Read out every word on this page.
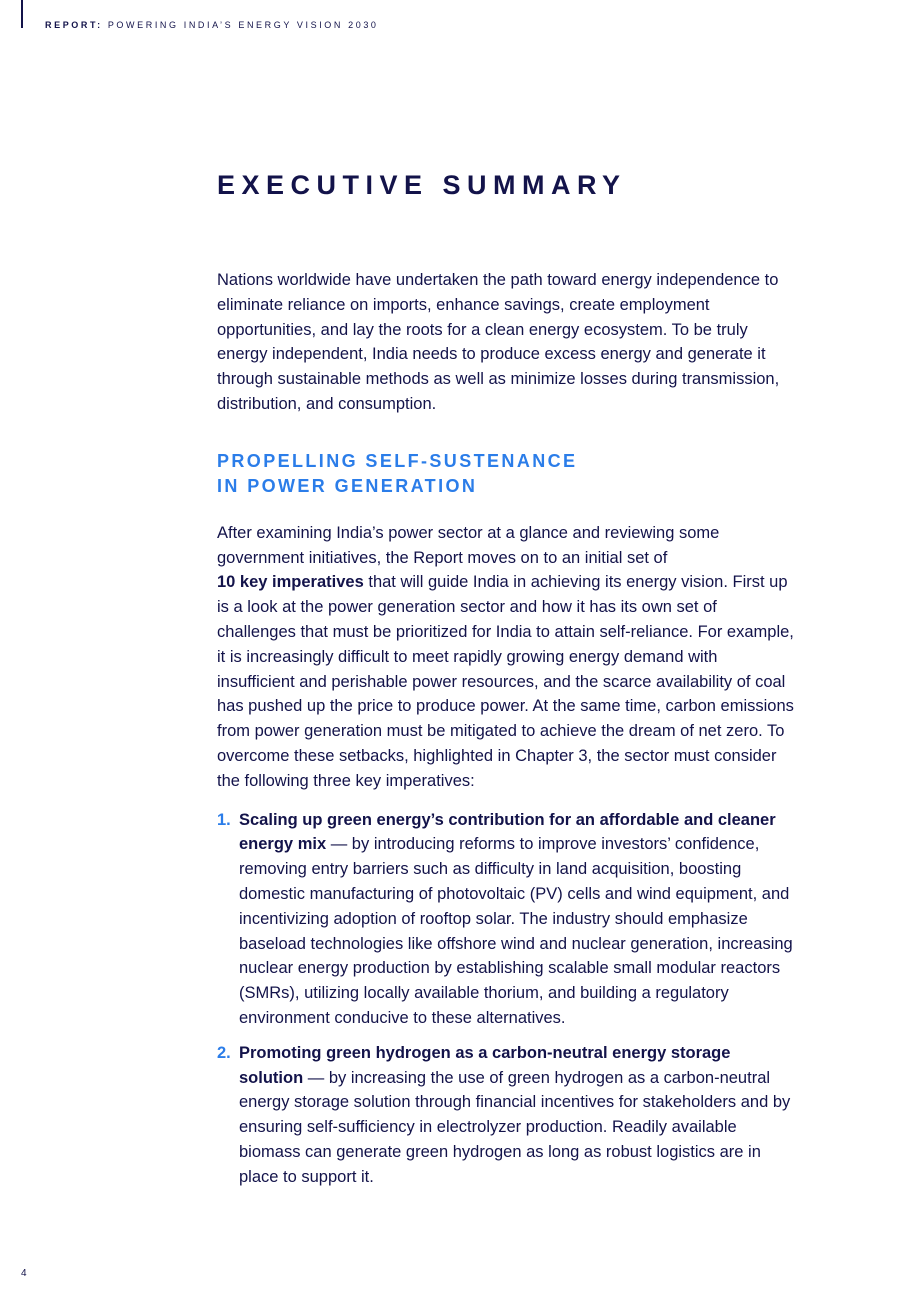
REPORT: POWERING INDIA’S ENERGY VISION 2030
EXECUTIVE SUMMARY

Nations worldwide have undertaken the path toward energy independence to eliminate reliance on imports, enhance savings, create employment opportunities, and lay the roots for a clean energy ecosystem. To be truly energy independent, India needs to produce excess energy and generate it through sustainable methods as well as minimize losses during transmission, distribution, and consumption.

PROPELLING SELF-SUSTENANCE
IN POWER GENERATION

After examining India’s power sector at a glance and reviewing some government initiatives, the Report moves on to an initial set of
10 key imperatives that will guide India in achieving its energy vision. First up is a look at the power generation sector and how it has its own set of challenges that must be prioritized for India to attain self-reliance. For example, it is increasingly difficult to meet rapidly growing energy demand with insufficient and perishable power resources, and the scarce availability of coal has pushed up the price to produce power. At the same time, carbon emissions from power generation must be mitigated to achieve the dream of net zero. To overcome these setbacks, highlighted in Chapter 3, the sector must consider the following three key imperatives:

1. Scaling up green energy’s contribution for an affordable and cleaner energy mix — by introducing reforms to improve investors’ confidence, removing entry barriers such as difficulty in land acquisition, boosting domestic manufacturing of photovoltaic (PV) cells and wind equipment, and incentivizing adoption of rooftop solar. The industry should emphasize baseload technologies like offshore wind and nuclear generation, increasing nuclear energy production by establishing scalable small modular reactors (SMRs), utilizing locally available thorium, and building a regulatory environment conducive to these alternatives.
2. Promoting green hydrogen as a carbon-neutral energy storage solution — by increasing the use of green hydrogen as a carbon-neutral energy storage solution through financial incentives for stakeholders and by ensuring self-sufficiency in electrolyzer production. Readily available biomass can generate green hydrogen as long as robust logistics are in place to support it.
4
